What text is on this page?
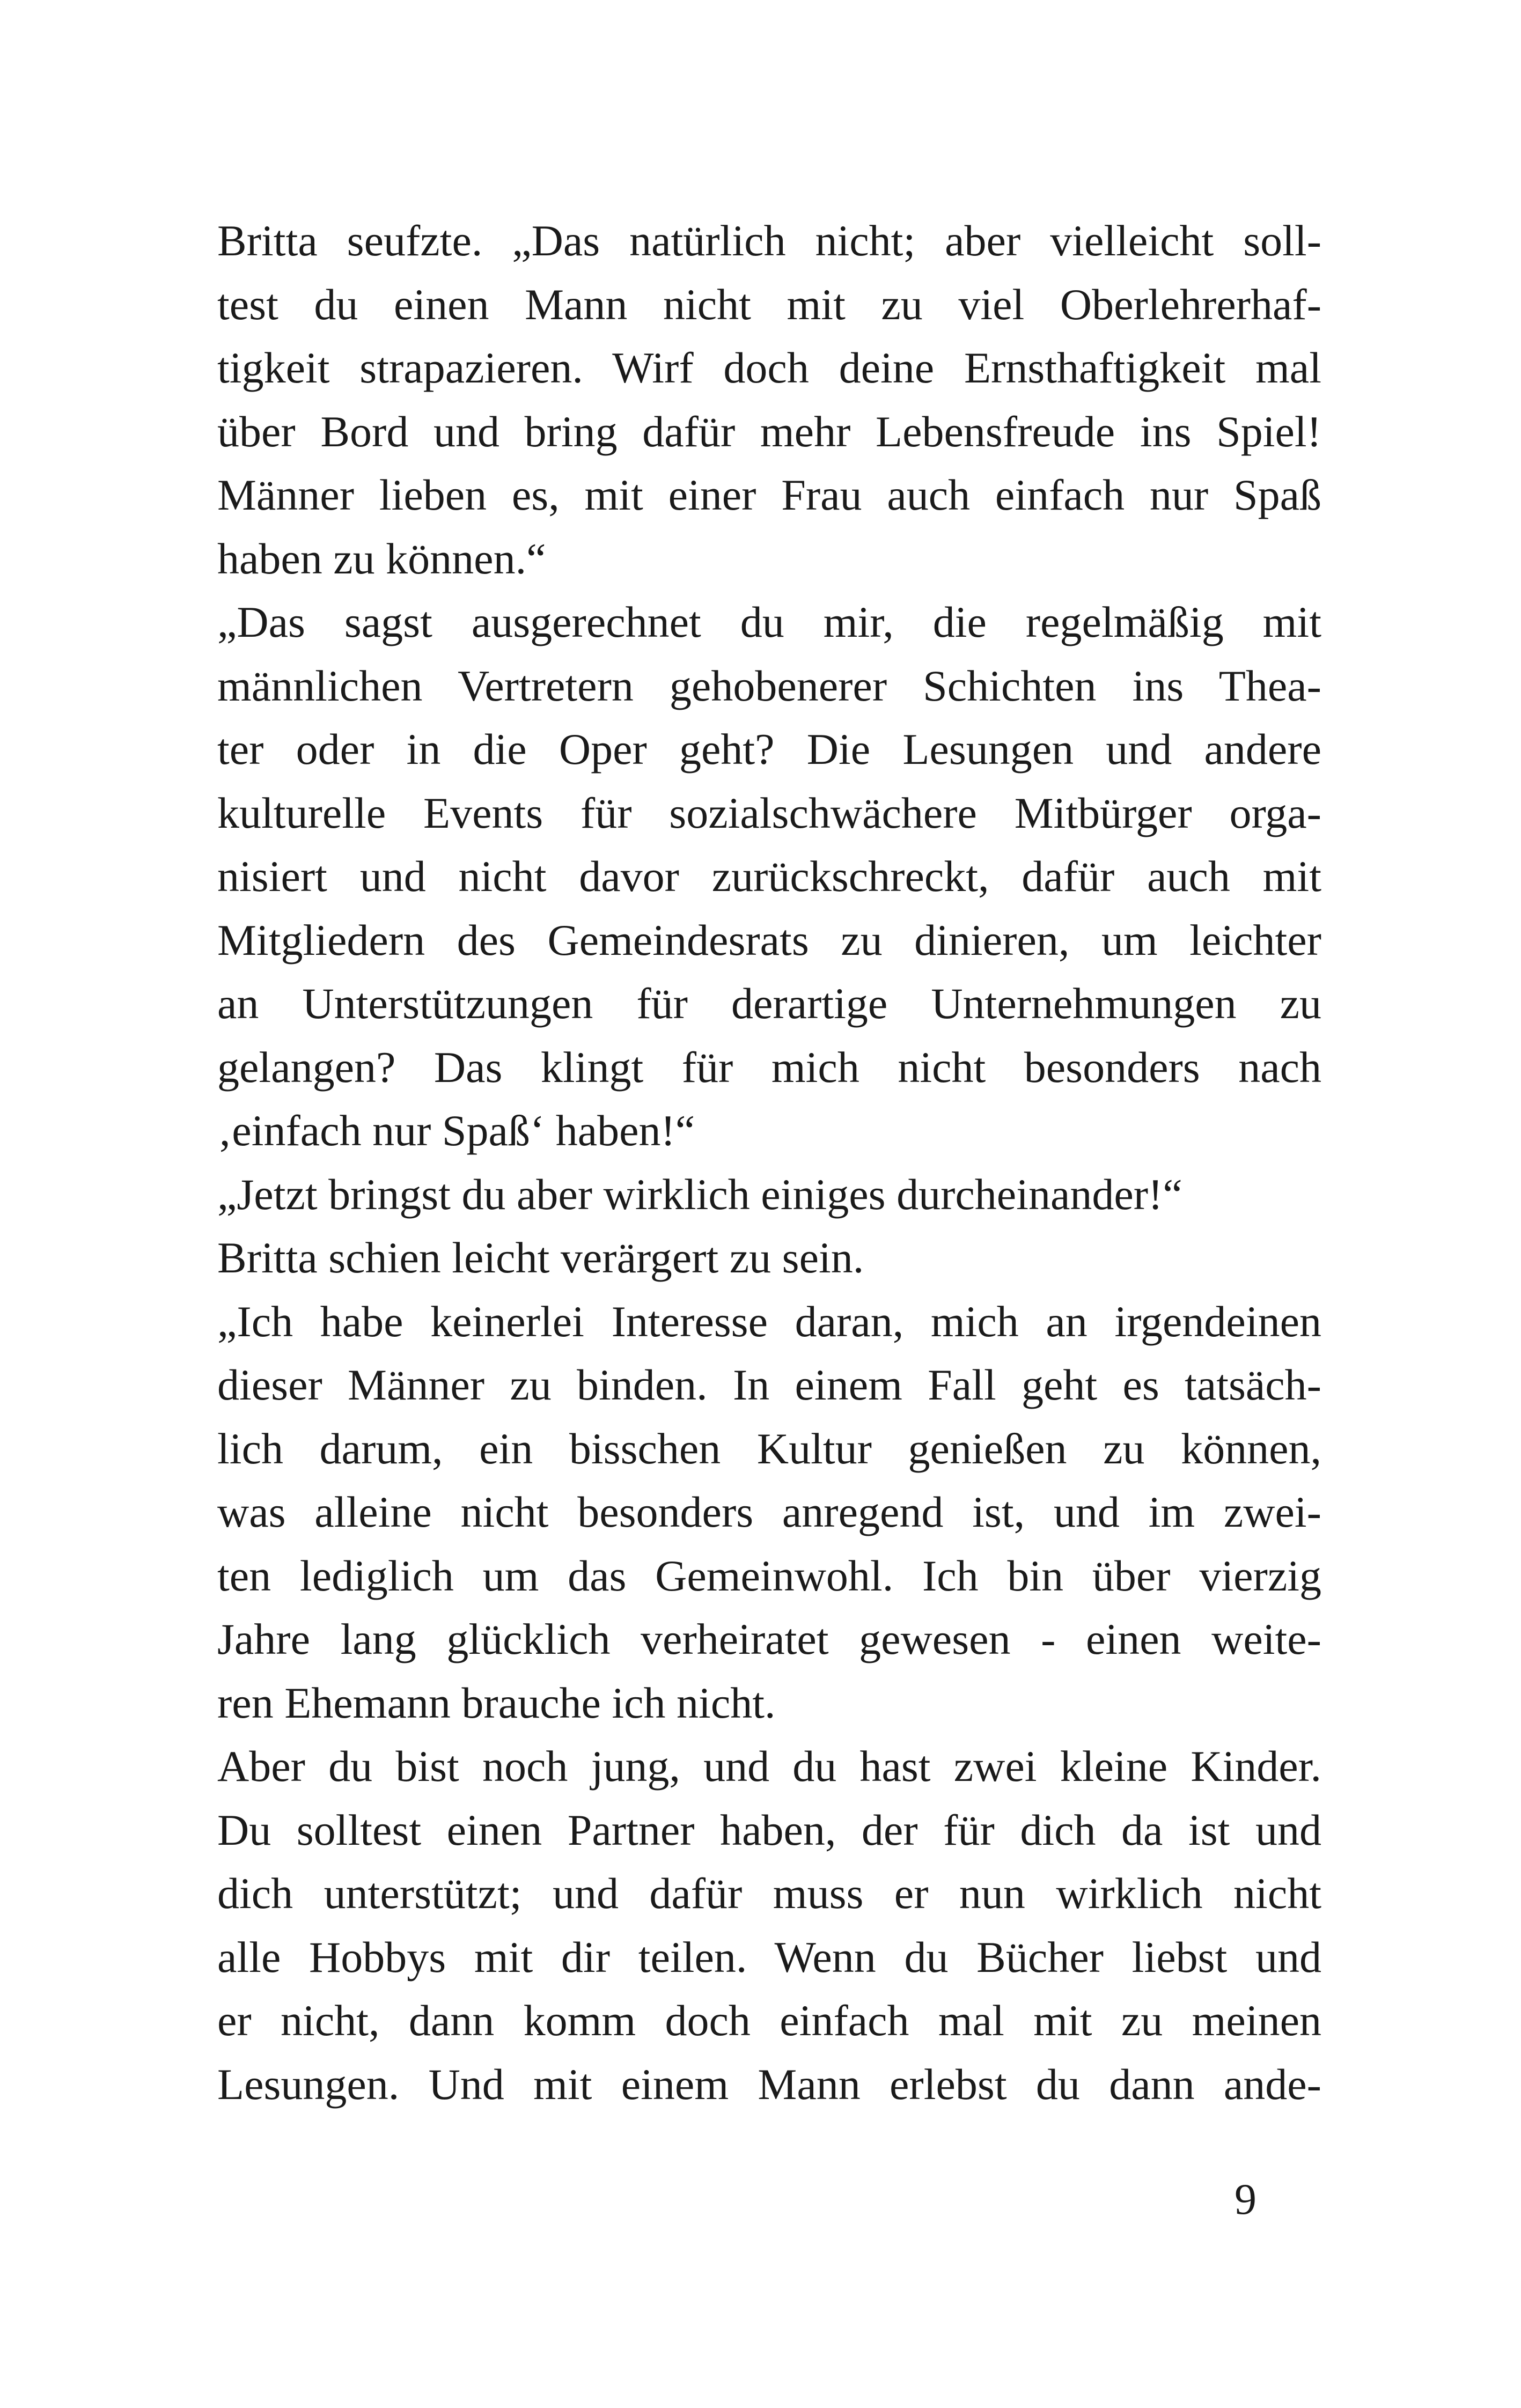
Britta seufzte. „Das natürlich nicht; aber vielleicht soll-
test du einen Mann nicht mit zu viel Oberlehrerhaf-
tigkeit strapazieren. Wirf doch deine Ernsthaftigkeit mal
über Bord und bring dafür mehr Lebensfreude ins Spiel!
Männer lieben es, mit einer Frau auch einfach nur Spaß
haben zu können.“
„Das sagst ausgerechnet du mir, die regelmäßig mit
männlichen Vertretern gehobenerer Schichten ins Thea-
ter oder in die Oper geht? Die Lesungen und andere
kulturelle Events für sozialschwächere Mitbürger orga-
nisiert und nicht davor zurückschreckt, dafür auch mit
Mitgliedern des Gemeindesrats zu dinieren, um leichter
an Unterstützungen für derartige Unternehmungen zu
gelangen? Das klingt für mich nicht besonders nach
‚einfach nur Spaß‘ haben!“
„Jetzt bringst du aber wirklich einiges durcheinander!“
Britta schien leicht verärgert zu sein.
„Ich habe keinerlei Interesse daran, mich an irgendeinen
dieser Männer zu binden. In einem Fall geht es tatsäch-
lich darum, ein bisschen Kultur genießen zu können,
was alleine nicht besonders anregend ist, und im zwei-
ten lediglich um das Gemeinwohl. Ich bin über vierzig
Jahre lang glücklich verheiratet gewesen - einen weite-
ren Ehemann brauche ich nicht.
Aber du bist noch jung, und du hast zwei kleine Kinder.
Du solltest einen Partner haben, der für dich da ist und
dich unterstützt; und dafür muss er nun wirklich nicht
alle Hobbys mit dir teilen. Wenn du Bücher liebst und
er nicht, dann komm doch einfach mal mit zu meinen
Lesungen. Und mit einem Mann erlebst du dann ande-
9
